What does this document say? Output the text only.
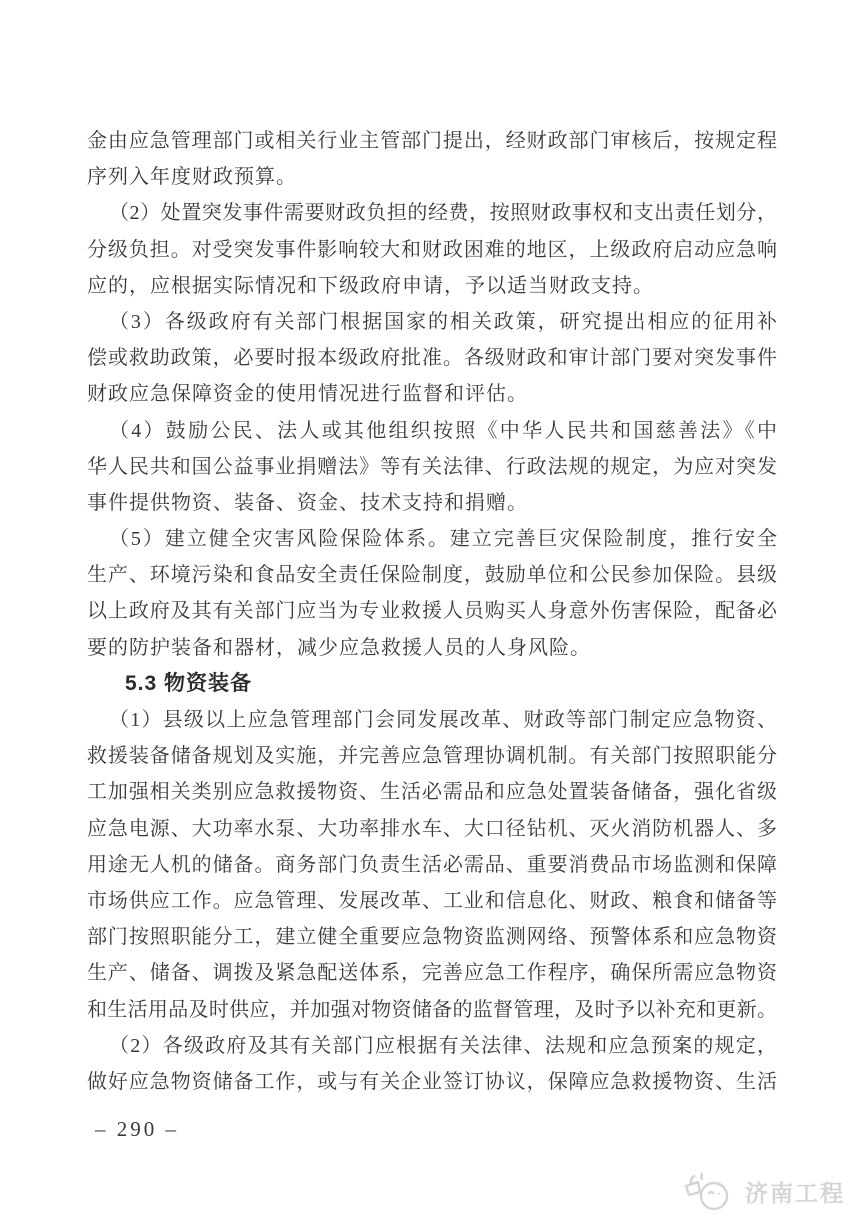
金由应急管理部门或相关行业主管部门提出，经财政部门审核后，按规定程
序列入年度财政预算。
（2）处置突发事件需要财政负担的经费，按照财政事权和支出责任划分，
分级负担。对受突发事件影响较大和财政困难的地区，上级政府启动应急响
应的，应根据实际情况和下级政府申请，予以适当财政支持。
（3）各级政府有关部门根据国家的相关政策，研究提出相应的征用补
偿或救助政策，必要时报本级政府批准。各级财政和审计部门要对突发事件
财政应急保障资金的使用情况进行监督和评估。
（4）鼓励公民、法人或其他组织按照《中华人民共和国慈善法》《中
华人民共和国公益事业捐赠法》等有关法律、行政法规的规定，为应对突发
事件提供物资、装备、资金、技术支持和捐赠。
（5）建立健全灾害风险保险体系。建立完善巨灾保险制度，推行安全
生产、环境污染和食品安全责任保险制度，鼓励单位和公民参加保险。县级
以上政府及其有关部门应当为专业救援人员购买人身意外伤害保险，配备必
要的防护装备和器材，减少应急救援人员的人身风险。
5.3 物资装备
（1）县级以上应急管理部门会同发展改革、财政等部门制定应急物资、
救援装备储备规划及实施，并完善应急管理协调机制。有关部门按照职能分
工加强相关类别应急救援物资、生活必需品和应急处置装备储备，强化省级
应急电源、大功率水泵、大功率排水车、大口径钻机、灭火消防机器人、多
用途无人机的储备。商务部门负责生活必需品、重要消费品市场监测和保障
市场供应工作。应急管理、发展改革、工业和信息化、财政、粮食和储备等
部门按照职能分工，建立健全重要应急物资监测网络、预警体系和应急物资
生产、储备、调拨及紧急配送体系，完善应急工作程序，确保所需应急物资
和生活用品及时供应，并加强对物资储备的监督管理，及时予以补充和更新。
（2）各级政府及其有关部门应根据有关法律、法规和应急预案的规定，
做好应急物资储备工作，或与有关企业签订协议，保障应急救援物资、生活
– 290 –
济南工程
